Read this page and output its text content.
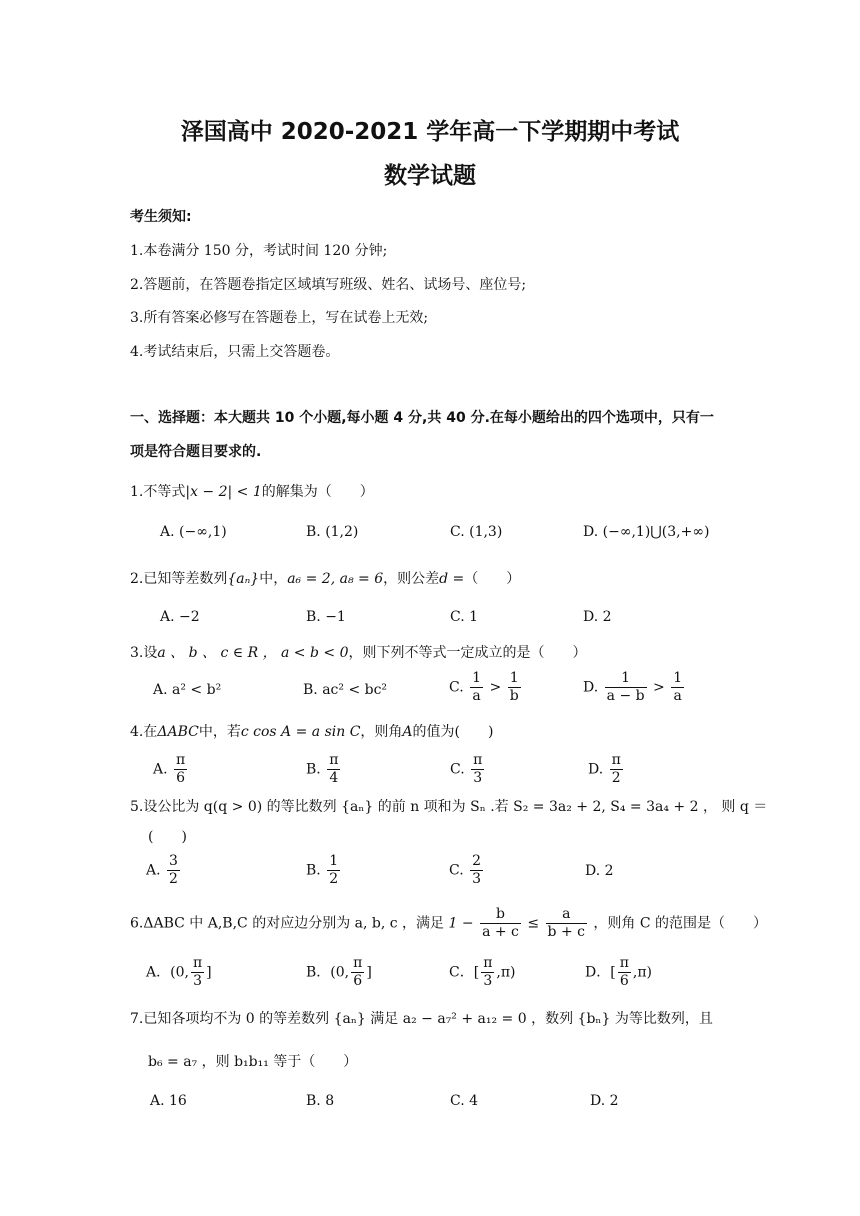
泽国高中 2020-2021 学年高一下学期期中考试
数学试题
考生须知:
1.本卷满分 150 分，考试时间 120 分钟;
2.答题前，在答题卷指定区域填写班级、姓名、试场号、座位号;
3.所有答案必修写在答题卷上，写在试卷上无效;
4.考试结束后，只需上交答题卷。
一、选择题：本大题共 10 个小题,每小题 4 分,共 40 分.在每小题给出的四个选项中，只有一
项是符合题目要求的.
1.不等式|x − 2| < 1的解集为（　　）
A. (−∞,1)	B. (1,2)	C. (1,3)	D. (−∞,1)⋃(3,+∞)
2.已知等差数列{aₙ}中，a₆ = 2, a₈ = 6，则公差d =（　　）
A. −2	B. −1	C. 1	D. 2
3.设a 、 b 、 c ∈ R ， a < b < 0，则下列不等式一定成立的是（　　）
A. a² < b²	B. ac² < bc²	C. $\frac{1}{a} > \frac{1}{b}$	D. $\frac{1}{a - b} > \frac{1}{a}$
4.在ΔABC中，若c cos A = a sin C，则角A的值为(　　)
A. $\frac{\pi}{6}$	B. $\frac{\pi}{4}$	C. $\frac{\pi}{3}$	D. $\frac{\pi}{2}$
5.设公比为 q(q > 0) 的等比数列 {aₙ} 的前 n 项和为 Sₙ .若 S₂ = 3a₂ + 2, S₄ = 3a₄ + 2 ， 则 q ＝
(　　)
A. $\frac{3}{2}$	B. $\frac{1}{2}$	C. $\frac{2}{3}$	D. 2
6.ΔABC 中 A,B,C 的对应边分别为 a, b, c ，满足 $1 - \frac{b}{a + c} \le \frac{a}{b + c}$ ，则角 C 的范围是（　　）
A．(0, $\frac{\pi}{3}$ ]	B．(0, $\frac{\pi}{6}$ ]	C．[ $\frac{\pi}{3} ,\pi$)	D．[ $\frac{\pi}{6} ,\pi$)
7.已知各项均不为 0 的等差数列 {aₙ} 满足 a₂ − a₇² + a₁₂ = 0 ，数列 {bₙ} 为等比数列，且
b₆ = a₇ ，则 b₁b₁₁ 等于（　　）
A. 16	B. 8	C. 4	D. 2
